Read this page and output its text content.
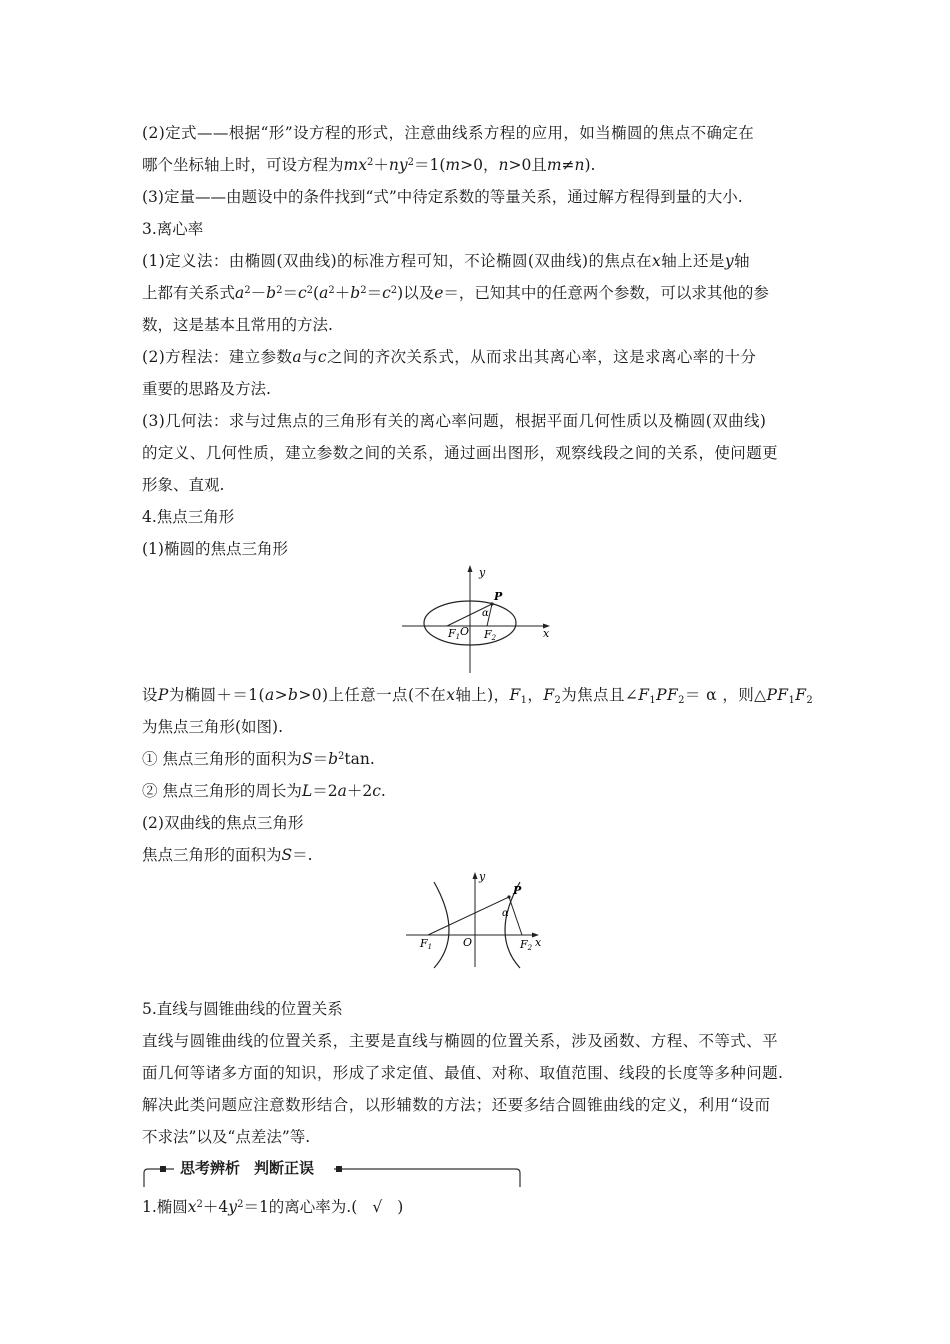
(2)定式——根据“形”设方程的形式，注意曲线系方程的应用，如当椭圆的焦点不确定在
哪个坐标轴上时，可设方程为$mx^2+ny^2=1(m>0$，n>0且m≠n).
(3)定量——由题设中的条件找到“式”中待定系数的等量关系，通过解方程得到量的大小.
3.离心率
(1)定义法：由椭圆(双曲线)的标准方程可知，不论椭圆(双曲线)的焦点在x轴上还是y轴
上都有关系式$a^2-b^2=c^2(a^2+b^2=c^2)$以及e＝，已知其中的任意两个参数，可以求其他的参
数，这是基本且常用的方法.
(2)方程法：建立参数a与c之间的齐次关系式，从而求出其离心率，这是求离心率的十分
重要的思路及方法.
(3)几何法：求与过焦点的三角形有关的离心率问题，根据平面几何性质以及椭圆(双曲线)
的定义、几何性质，建立参数之间的关系，通过画出图形，观察线段之间的关系，使问题更
形象、直观.
4.焦点三角形
(1)椭圆的焦点三角形
y
x
P
α
F1 O F2
设P为椭圆＋＝1(a>b>0)上任意一点(不在x轴上)，$F_1$，$F_2$为焦点且$\angle F_1PF_2= \alpha$ ，则$\triangle PF_1F_2$
为焦点三角形(如图).
① 焦点三角形的面积为$S=b^2\tan$.
② 焦点三角形的周长为L＝2a＋2c.
(2)双曲线的焦点三角形
焦点三角形的面积为S＝.
y
x
P
α
F1	O	F2
5.直线与圆锥曲线的位置关系
直线与圆锥曲线的位置关系，主要是直线与椭圆的位置关系，涉及函数、方程、不等式、平
面几何等诸多方面的知识，形成了求定值、最值、对称、取值范围、线段的长度等多种问题.
解决此类问题应注意数形结合，以形辅数的方法；还要多结合圆锥曲线的定义，利用“设而
不求法”以及“点差法”等.
思考辨析 判断正误
1.椭圆$x^2+4y^2=1$的离心率为.( √ )
